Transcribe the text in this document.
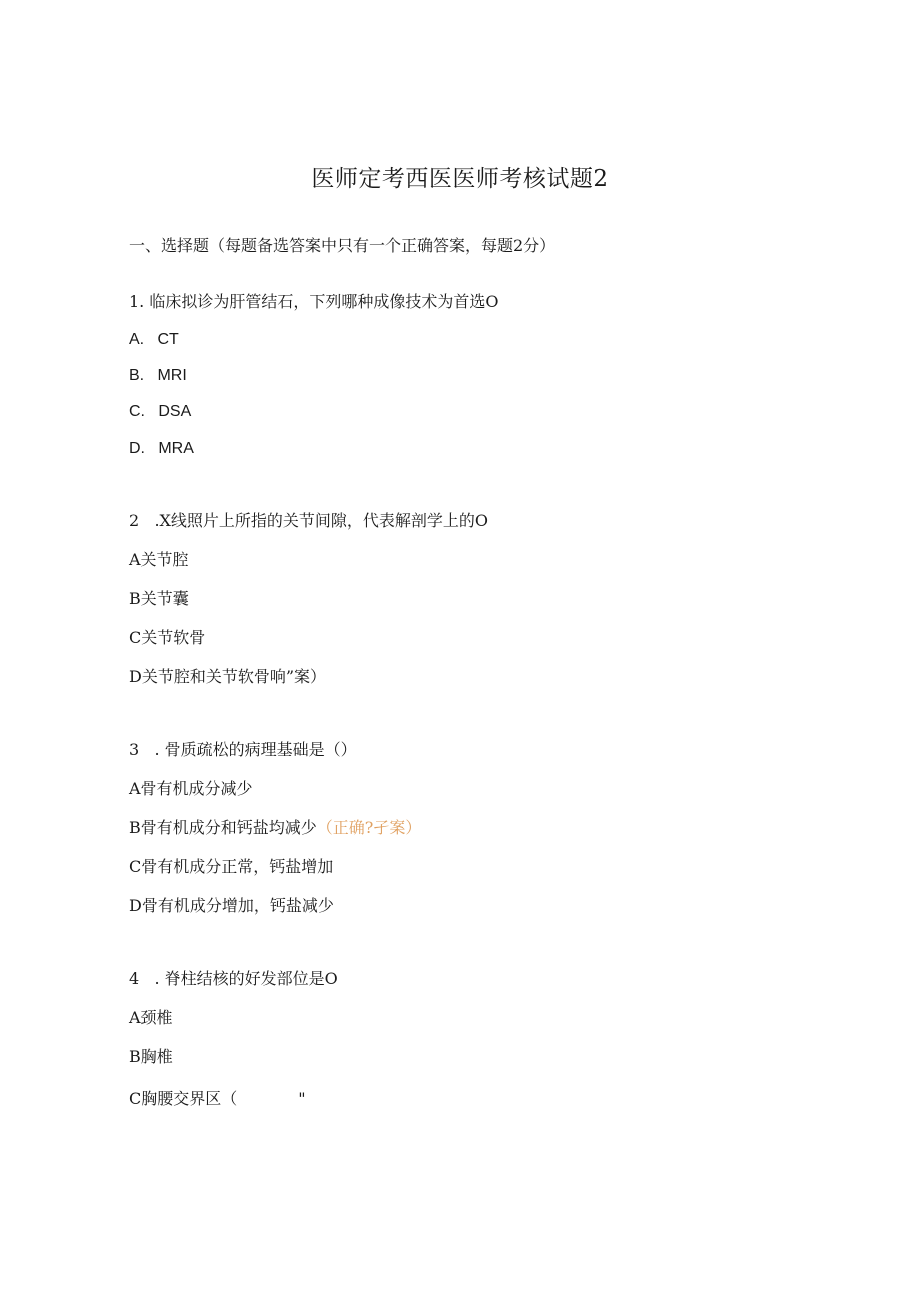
医师定考西医医师考核试题2
一、选择题（每题备选答案中只有一个正确答案，每题2分）
1. 临床拟诊为肝管结石，下列哪种成像技术为首选O
A.   CT
B.   MRI
C.   DSA
D.   MRA
2   .X线照片上所指的关节间隙，代表解剖学上的O
A关节腔
B关节囊
C关节软骨
D关节腔和关节软骨响”案）
3   . 骨质疏松的病理基础是（）
A骨有机成分减少
B骨有机成分和钙盐均减少（正确?孑案）
C骨有机成分正常，钙盐增加
D骨有机成分增加，钙盐减少
4   . 脊柱结核的好发部位是O
A颈椎
B胸椎
C胸腰交界区（            "
